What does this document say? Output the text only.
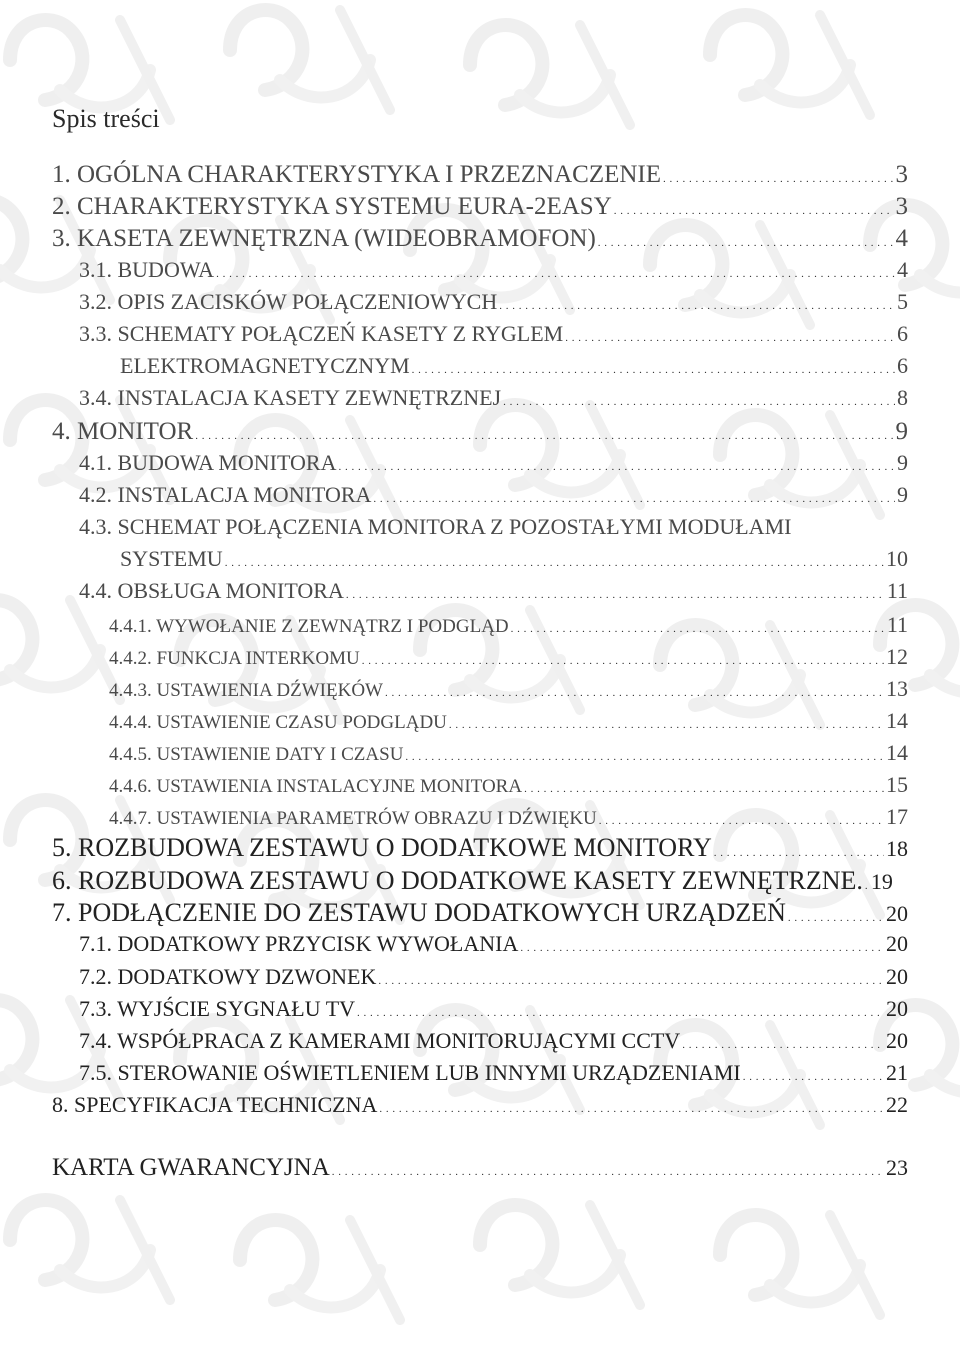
Spis treści
1. OGÓLNA CHARAKTERYSTYKA I PRZEZNACZENIE . . .	3
2. CHARAKTERYSTYKA SYSTEMU EURA-2EASY . . .	3
3. KASETA ZEWNĘTRZNA (WIDEOBRAMOFON) . . .	4
3.1. BUDOWA . . .	4
3.2. OPIS ZACISKÓW POŁĄCZENIOWYCH . . .	5
3.3. SCHEMATY POŁĄCZEŃ KASETY Z RYGLEM . . .	6
ELEKTROMAGNETYCZNYM . . .	6
3.4. INSTALACJA KASETY ZEWNĘTRZNEJ . . .	8
4. MONITOR . . .	9
4.1. BUDOWA MONITORA . . .	9
4.2. INSTALACJA MONITORA . . .	9
4.3. SCHEMAT POŁĄCZENIA MONITORA Z POZOSTAŁYMI MODUŁAMI
SYSTEMU . . .	10
4.4. OBSŁUGA MONITORA . . .	11
4.4.1. WYWOŁANIE Z ZEWNĄTRZ I PODGLĄD . . .	11
4.4.2. FUNKCJA INTERKOMU . . .	12
4.4.3. USTAWIENIA DŹWIĘKÓW . . .	13
4.4.4. USTAWIENIE CZASU PODGLĄDU . . .	14
4.4.5. USTAWIENIE DATY I CZASU . . .	14
4.4.6. USTAWIENIA INSTALACYJNE MONITORA . . .	15
4.4.7. USTAWIENIA PARAMETRÓW OBRAZU I DŹWIĘKU . . .	17
5. ROZBUDOWA ZESTAWU O DODATKOWE MONITORY . . .	18
6. ROZBUDOWA ZESTAWU O DODATKOWE KASETY ZEWNĘTRZNE. . . . 19
7. PODŁĄCZENIE DO ZESTAWU DODATKOWYCH URZĄDZEŃ . . .	20
7.1. DODATKOWY PRZYCISK WYWOŁANIA . . .	20
7.2. DODATKOWY DZWONEK . . .	20
7.3. WYJŚCIE SYGNAŁU TV . . .	20
7.4. WSPÓŁPRACA Z KAMERAMI MONITORUJĄCYMI CCTV . . .	20
7.5. STEROWANIE OŚWIETLENIEM LUB INNYMI URZĄDZENIAMI . . .	21
8. SPECYFIKACJA TECHNICZNA . . .	22
KARTA GWARANCYJNA . . .	23
